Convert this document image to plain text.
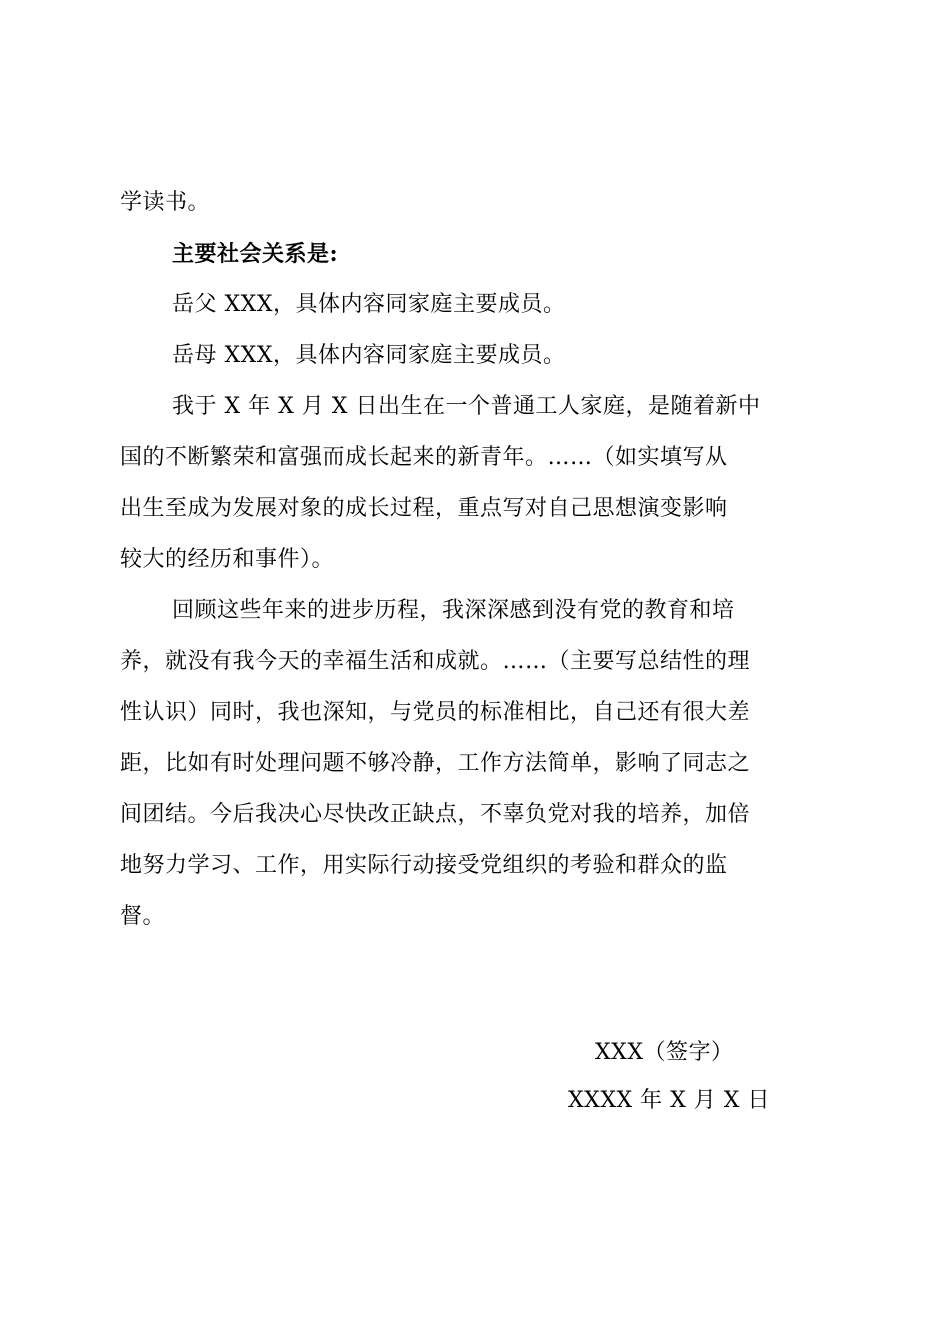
学读书。
主要社会关系是:
岳父 XXX，具体内容同家庭主要成员。
岳母 XXX，具体内容同家庭主要成员。
我于 X 年 X 月 X 日出生在一个普通工人家庭，是随着新中
国的不断繁荣和富强而成长起来的新青年。……（如实填写从
出生至成为发展对象的成长过程，重点写对自己思想演变影响
较大的经历和事件）。
回顾这些年来的进步历程，我深深感到没有党的教育和培
养，就没有我今天的幸福生活和成就。……（主要写总结性的理
性认识）同时，我也深知，与党员的标准相比，自己还有很大差
距，比如有时处理问题不够冷静，工作方法简单，影响了同志之
间团结。今后我决心尽快改正缺点，不辜负党对我的培养，加倍
地努力学习、工作，用实际行动接受党组织的考验和群众的监
督。
XXX（签字）
XXXX 年 X 月 X 日
